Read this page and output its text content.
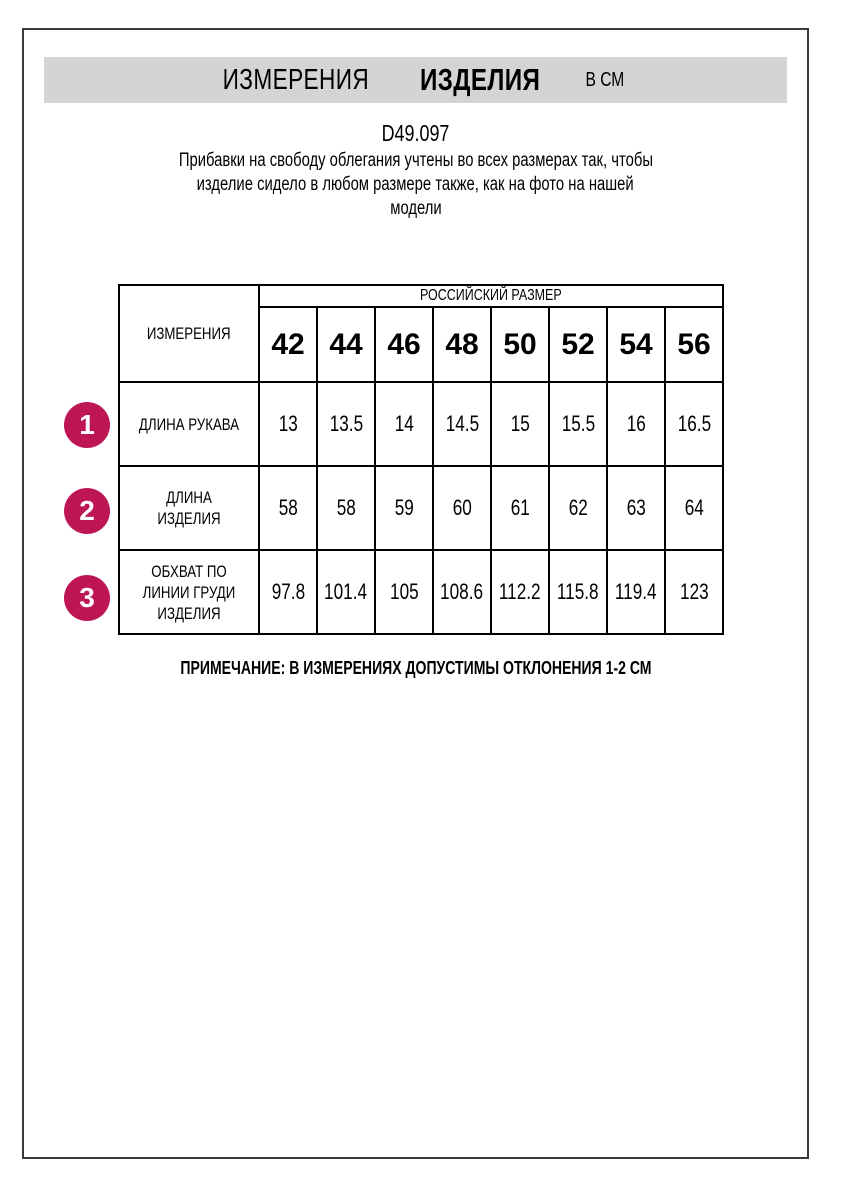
ИЗМЕРЕНИЯ ИЗДЕЛИЯ В СМ
D49.097
Прибавки на свободу облегания учтены во всех размерах так, чтобы
изделие сидело в любом размере также, как на фото на нашей
модели
ИЗМЕРЕНИЯ	РОССИЙСКИЙ РАЗМЕР							
	42	44	46	48	50	52	54	56
ДЛИНА РУКАВА	13	13.5	14	14.5	15	15.5	16	16.5
ДЛИНА ИЗДЕЛИЯ	58	58	59	60	61	62	63	64
ОБХВАТ ПО ЛИНИИ ГРУДИ ИЗДЕЛИЯ	97.8	101.4	105	108.6	112.2	115.8	119.4	123
1
2
3
ПРИМЕЧАНИЕ: В ИЗМЕРЕНИЯХ ДОПУСТИМЫ ОТКЛОНЕНИЯ 1-2 СМ
